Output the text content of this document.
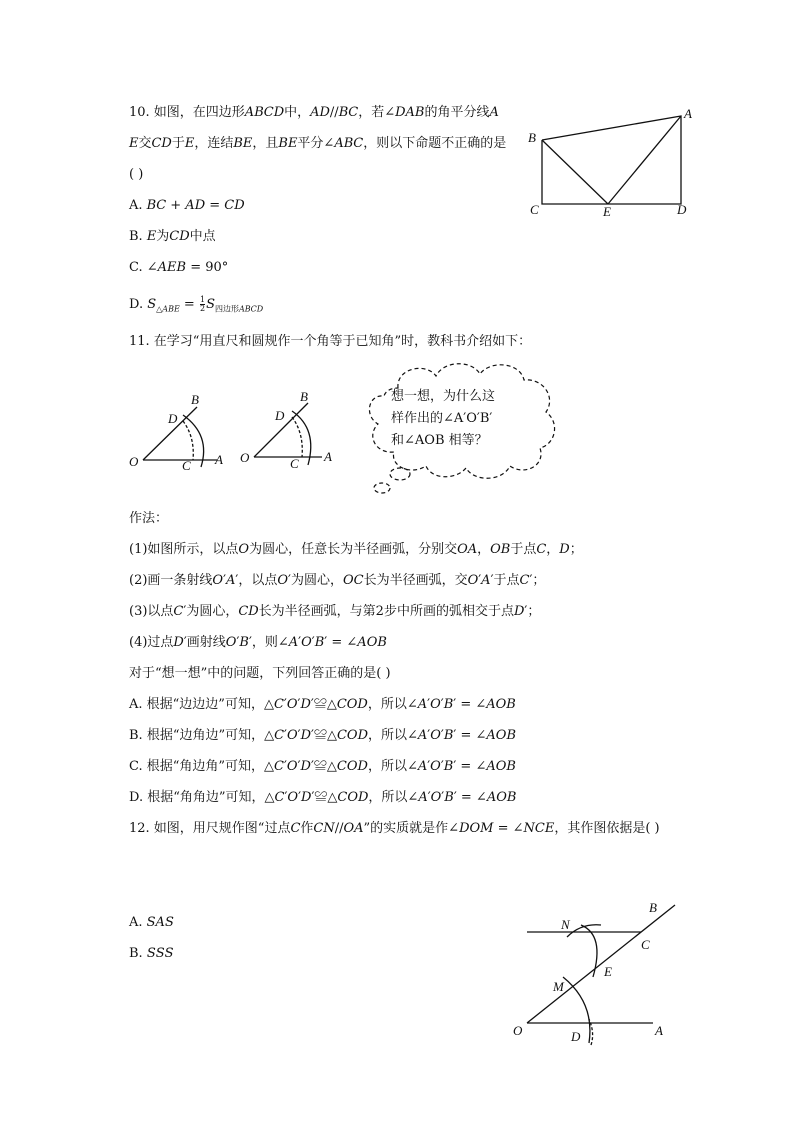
10. 如图，在四边形𝐴𝐵𝐶𝐷中，𝐴𝐷//𝐵𝐶，若∠𝐷𝐴𝐵的角平分线𝐴
𝐸交𝐶𝐷于𝐸，连结𝐵𝐸，且𝐵𝐸平分∠𝐴𝐵𝐶，则以下命题不正确的是
( )
A. 𝐵𝐶 + 𝐴𝐷 = 𝐶𝐷
B. 𝐸为𝐶𝐷中点
C. ∠𝐴𝐸𝐵 = 90°
D. 𝑆$_{\triangle 𝐴𝐵𝐸}$ = $\frac{1}{2}$ 𝑆$_{四边形𝐴𝐵𝐶𝐷}$
A
B
C	D
E
11. 在学习“用直尺和圆规作一个角等于已知角”时，教科书介绍如下：
O	A
B
C
D
O	A
B
C
D
想一想，为什么这
样作出的∠A′O′B′
和∠AOB 相等？
作法：
(1)如图所示，以点𝑂为圆心，任意长为半径画弧，分别交𝑂𝐴，𝑂𝐵于点𝐶，𝐷；
(2)画一条射线𝑂′𝐴′，以点𝑂′为圆心，𝑂𝐶长为半径画弧，交𝑂′𝐴′于点𝐶′；
(3)以点𝐶′为圆心，𝐶𝐷长为半径画弧，与第2步中所画的弧相交于点𝐷′；
(4)过点𝐷′画射线𝑂′𝐵′，则∠𝐴′𝑂′𝐵′ = ∠𝐴𝑂𝐵
对于“想一想”中的问题，下列回答正确的是( )
A. 根据“边边边”可知，△𝐶′𝑂′𝐷′≌△𝐶𝑂𝐷，所以∠𝐴′𝑂′𝐵′ = ∠𝐴𝑂𝐵
B. 根据“边角边”可知，△𝐶′𝑂′𝐷′≌△𝐶𝑂𝐷，所以∠𝐴′𝑂′𝐵′ = ∠𝐴𝑂𝐵
C. 根据“角边角”可知，△𝐶′𝑂′𝐷′≌△𝐶𝑂𝐷，所以∠𝐴′𝑂′𝐵′ = ∠𝐴𝑂𝐵
D. 根据“角角边”可知，△𝐶′𝑂′𝐷′≌△𝐶𝑂𝐷，所以∠𝐴′𝑂′𝐵′ = ∠𝐴𝑂𝐵
12. 如图，用尺规作图“过点𝐶作𝐶𝑁//𝑂𝐴”的实质就是作∠𝐷𝑂𝑀 = ∠𝑁𝐶𝐸，其作图依据是( )
A. 𝑆𝐴𝑆
B. 𝑆𝑆𝑆
B
N
C
E
M
O	D	A
